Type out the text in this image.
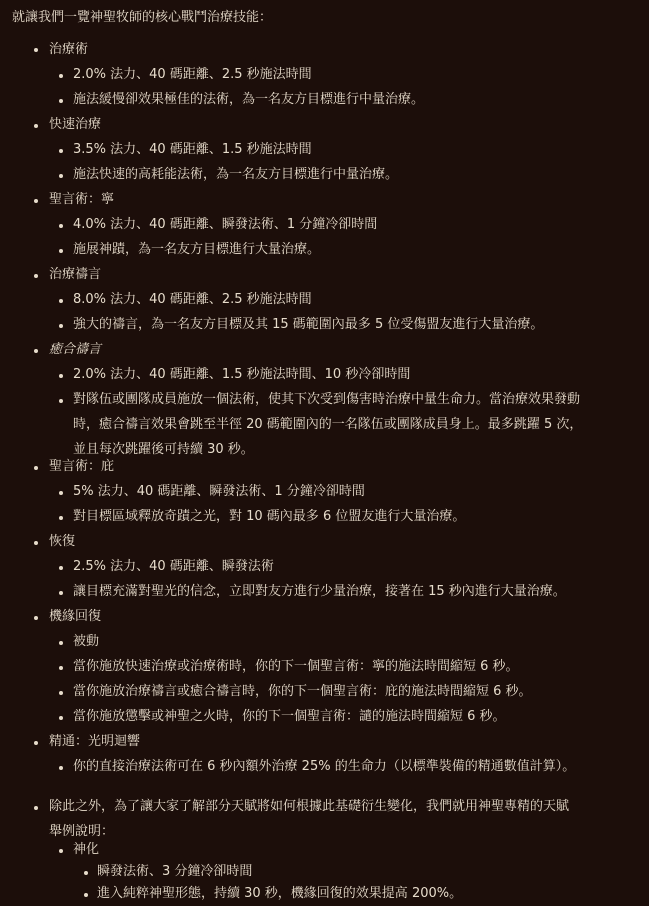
就讓我們一覽神聖牧師的核心戰鬥治療技能：
治療術
2.0% 法力、40 碼距離、2.5 秒施法時間
施法緩慢卻效果極佳的法術，為一名友方目標進行中量治療。
快速治療
3.5% 法力、40 碼距離、1.5 秒施法時間
施法快速的高耗能法術，為一名友方目標進行中量治療。
聖言術：寧
4.0% 法力、40 碼距離、瞬發法術、1 分鐘冷卻時間
施展神蹟，為一名友方目標進行大量治療。
治療禱言
8.0% 法力、40 碼距離、2.5 秒施法時間
強大的禱言，為一名友方目標及其 15 碼範圍內最多 5 位受傷盟友進行大量治療。
癒合禱言
2.0% 法力、40 碼距離、1.5 秒施法時間、10 秒冷卻時間
對隊伍或團隊成員施放一個法術，使其下次受到傷害時治療中量生命力。當治療效果發動
時，癒合禱言效果會跳至半徑 20 碼範圍內的一名隊伍或團隊成員身上。最多跳躍 5 次，
並且每次跳躍後可持續 30 秒。
聖言術：庇
5% 法力、40 碼距離、瞬發法術、1 分鐘冷卻時間
對目標區域釋放奇蹟之光，對 10 碼內最多 6 位盟友進行大量治療。
恢復
2.5% 法力、40 碼距離、瞬發法術
讓目標充滿對聖光的信念，立即對友方進行少量治療，接著在 15 秒內進行大量治療。
機緣回復
被動
當你施放快速治療或治療術時，你的下一個聖言術：寧的施法時間縮短 6 秒。
當你施放治療禱言或癒合禱言時，你的下一個聖言術：庇的施法時間縮短 6 秒。
當你施放懲擊或神聖之火時，你的下一個聖言術：譴的施法時間縮短 6 秒。
精通：光明迴響
你的直接治療法術可在 6 秒內額外治療 25% 的生命力（以標準裝備的精通數值計算）。
除此之外，為了讓大家了解部分天賦將如何根據此基礎衍生變化，我們就用神聖專精的天賦
舉例說明：
神化
瞬發法術、3 分鐘冷卻時間
進入純粹神聖形態，持續 30 秒，機緣回復的效果提高 200%。
